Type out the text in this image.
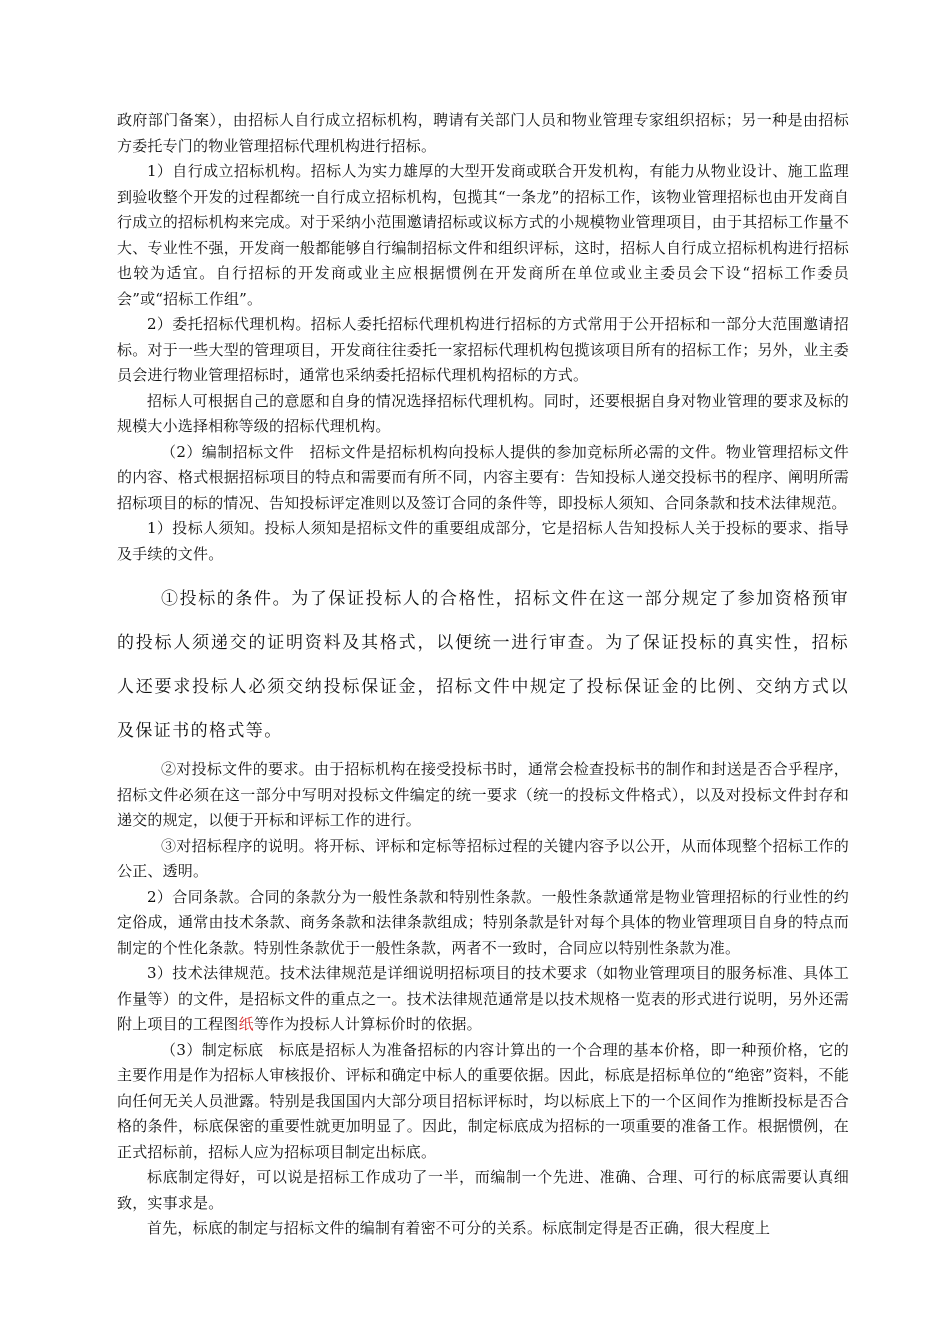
政府部门备案），由招标人自行成立招标机构，聘请有关部门人员和物业管理专家组织招标；另一种是由招标方委托专门的物业管理招标代理机构进行招标。

1）自行成立招标机构。招标人为实力雄厚的大型开发商或联合开发机构，有能力从物业设计、施工监理到验收整个开发的过程都统一自行成立招标机构，包揽其“一条龙”的招标工作，该物业管理招标也由开发商自行成立的招标机构来完成。对于采纳小范围邀请招标或议标方式的小规模物业管理项目，由于其招标工作量不大、专业性不强，开发商一般都能够自行编制招标文件和组织评标，这时，招标人自行成立招标机构进行招标也较为适宜。自行招标的开发商或业主应根据惯例在开发商所在单位或业主委员会下设“招标工作委员会”或“招标工作组”。

2）委托招标代理机构。招标人委托招标代理机构进行招标的方式常用于公开招标和一部分大范围邀请招标。对于一些大型的管理项目，开发商往往委托一家招标代理机构包揽该项目所有的招标工作；另外，业主委员会进行物业管理招标时，通常也采纳委托招标代理机构招标的方式。

招标人可根据自己的意愿和自身的情况选择招标代理机构。同时，还要根据自身对物业管理的要求及标的规模大小选择相称等级的招标代理机构。

（2）编制招标文件　招标文件是招标机构向投标人提供的参加竞标所必需的文件。物业管理招标文件的内容、格式根据招标项目的特点和需要而有所不同，内容主要有：告知投标人递交投标书的程序、阐明所需招标项目的标的情况、告知投标评定准则以及签订合同的条件等，即投标人须知、合同条款和技术法律规范。

1）投标人须知。投标人须知是招标文件的重要组成部分，它是招标人告知投标人关于投标的要求、指导及手续的文件。

①投标的条件。为了保证投标人的合格性，招标文件在这一部分规定了参加资格预审的投标人须递交的证明资料及其格式，以便统一进行审查。为了保证投标的真实性，招标人还要求投标人必须交纳投标保证金，招标文件中规定了投标保证金的比例、交纳方式以及保证书的格式等。

②对投标文件的要求。由于招标机构在接受投标书时，通常会检查投标书的制作和封送是否合乎程序，招标文件必须在这一部分中写明对投标文件编定的统一要求（统一的投标文件格式），以及对投标文件封存和递交的规定，以便于开标和评标工作的进行。

③对招标程序的说明。将开标、评标和定标等招标过程的关键内容予以公开，从而体现整个招标工作的公正、透明。

2）合同条款。合同的条款分为一般性条款和特别性条款。一般性条款通常是物业管理招标的行业性的约定俗成，通常由技术条款、商务条款和法律条款组成；特别条款是针对每个具体的物业管理项目自身的特点而制定的个性化条款。特别性条款优于一般性条款，两者不一致时，合同应以特别性条款为准。

3）技术法律规范。技术法律规范是详细说明招标项目的技术要求（如物业管理项目的服务标准、具体工作量等）的文件，是招标文件的重点之一。技术法律规范通常是以技术规格一览表的形式进行说明，另外还需附上项目的工程图纸等作为投标人计算标价时的依据。

（3）制定标底　标底是招标人为准备招标的内容计算出的一个合理的基本价格，即一种预价格，它的主要作用是作为招标人审核报价、评标和确定中标人的重要依据。因此，标底是招标单位的“绝密”资料，不能向任何无关人员泄露。特别是我国国内大部分项目招标评标时，均以标底上下的一个区间作为推断投标是否合格的条件，标底保密的重要性就更加明显了。因此，制定标底成为招标的一项重要的准备工作。根据惯例，在正式招标前，招标人应为招标项目制定出标底。

标底制定得好，可以说是招标工作成功了一半，而编制一个先进、准确、合理、可行的标底需要认真细致，实事求是。

首先，标底的制定与招标文件的编制有着密不可分的关系。标底制定得是否正确，很大程度上
